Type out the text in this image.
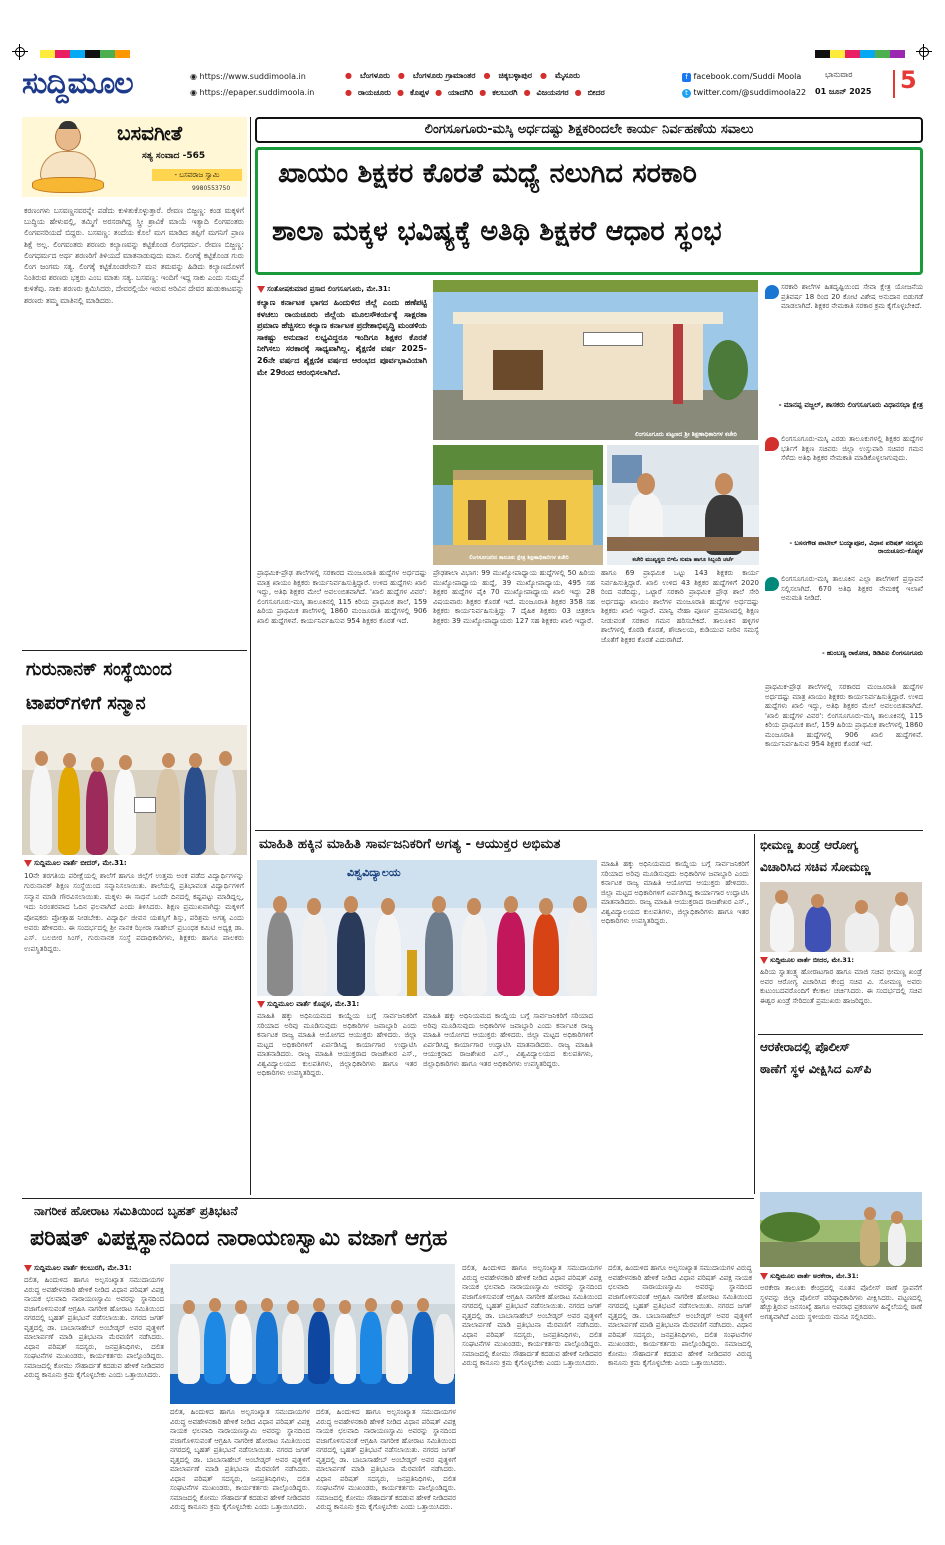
ಸುದ್ದಿಮೂಲ	◉ https://www.suddimoola.in
◉ https://epaper.suddimoola.in
● ಬೆಂಗಳೂರು ● ಬೆಂಗಳೂರು ಗ್ರಾಮಾಂತರ ● ಚಿಕ್ಕಬಳ್ಳಾಪುರ ● ಮೈಸೂರು
● ರಾಯಚೂರು ● ಕೊಪ್ಪಳ ● ಯಾದಗಿರಿ ● ಕಲಬುರಗಿ ● ವಿಜಯನಗರ ● ಬೀದರ
f facebook.com/Suddi Moola
t twitter.com/@suddimoola22
ಭಾನುವಾರ
01 ಜೂನ್ 2025 5
ಬಸವಗೀತೆ
ಸತ್ಯ ಸಂವಾದ -565
- ಬಸವರಾಜ ಸ್ವಾಮಿ
9980553750
ಕರಣಂಗಳು ಬಸವಣ್ಣನವರನ್ನೇ ಪಡೆದು ಕುಳಿತುಕೊಳ್ಳುತ್ತಾರೆ. ರೇವಣ ಬಿಜ್ಜಣ್ಣ: ಕಂಡ ಮಕ್ಕಳಿಗೆ ಬುದ್ಧಿಯ ಹೇಳುವಲ್ಲಿ, ತಮ್ಮಿಗೆ ಅರಸರಾಗಿದ್ದ ಸ್ತ್ರೀ ಶ್ರಾವಿಕೆ ಮಾಯೆ ಇತ್ಯಾದಿ ಲಿಂಗವಂತರು ಲಿಂಗವನರಿಯದೆ ಬಿದ್ದರು. ಬಸವಣ್ಣ: ತಂದೆಯ ಕೊಲೆ ಮಗ ಮಾಡಿದ ತಪ್ಪಿಗೆ ಮಗನಿಗೆ ಪ್ರಾಣ ಶಿಕ್ಷೆ ಅಲ್ಲ. ಲಿಂಗವಂತರು ಶರಣರು ಕಲ್ಯಾಣವನ್ನು ಕಟ್ಟಿಕೊಂಡ ಲಿಂಗಧರ್ಮ. ರೇವಣ ಬಿಜ್ಜಣ್ಣ: ಲಿಂಗಧರ್ಮದ ಅರ್ಥ ಶರಣರಿಗೆ ತಿಳಿಯದೆ ಮಾತನಾಡುವುದು ಮಾನ. ಲಿಂಗಕ್ಕೆ ಕಟ್ಟಿಕೊಂಡ ಗುರು ಲಿಂಗ ಜಂಗಮ ಸತ್ಯ. ಲಿಂಗಕ್ಕೆ ಕಟ್ಟಿಕೊಂಡರೇನು? ಮನ ತಮವನ್ನು ಹಿಡಿದು ಕಲ್ಯಾಣದೊಳಗೆ ನಿಂತಿರುವ ಶರಣರು ಭಕ್ತರು ಎಂಬ ಮಾತು ಸತ್ಯ. ಬಸವಣ್ಣ: ಇಂದಿಗೆ ಇದ್ದ ಸಾಕು ಎಂದು ಸುಮ್ಮನೆ ಕುಳಿತೆವು. ಸಾಕು ಶರಣರು ಕ್ಷಮಿಸಿದರು, ದೇವರಲ್ಲಿಯೇ ಇರುವ ಅರಿವಿನ ದೇವರ ಹುಡುಕಾಟವನ್ನು ಶರಣರು ತಮ್ಮ ಮಾತಿನಲ್ಲಿ ಮಾಡಿದರು.
ಗುರುನಾನಕ್ ಸಂಸ್ಥೆಯಿಂದ
ಟಾಪರ್‌ಗಳಿಗೆ ಸನ್ಮಾನ
ಸುದ್ದಿಮೂಲ ವಾರ್ತೆ ಬೀದರ್, ಮೇ.31:
10ನೇ ತರಗತಿಯ ಪರೀಕ್ಷೆಯಲ್ಲಿ ಶಾಲೆಗೆ ಹಾಗೂ ಜಿಲ್ಲೆಗೆ ಉತ್ತಮ ಅಂಕ ಪಡೆದ ವಿದ್ಯಾರ್ಥಿಗಳನ್ನು ಗುರುನಾನಕ್ ಶಿಕ್ಷಣ ಸಂಸ್ಥೆಯಿಂದ ಸನ್ಮಾನಿಸಲಾಯಿತು. ಶಾಲೆಯಲ್ಲಿ ಪ್ರತಿಭಾವಂತ ವಿದ್ಯಾರ್ಥಿಗಳಿಗೆ ಸನ್ಮಾನ ಮಾಡಿ ಗೌರವಿಸಲಾಯಿತು. ಮಕ್ಕಳು ಈ ಸಾಧನೆ ಒಂದೇ ದಿನದಲ್ಲಿ ಕಷ್ಟಪಟ್ಟು ಮಾಡಿದ್ದಲ್ಲ, ಇದು ನಿರಂತರವಾದ ಓದಿನ ಫಲವಾಗಿದೆ ಎಂದು ತಿಳಿಸಿದರು. ಶಿಕ್ಷಣ ಪ್ರಮುಖವಾಗಿದ್ದು ಮಕ್ಕಳಿಗೆ ಪೋಷಕರು ಪ್ರೋತ್ಸಾಹ ನೀಡಬೇಕು. ವಿದ್ಯಾರ್ಥಿ ಜೀವನ ಯಶಸ್ಸಿಗೆ ಶಿಸ್ತು, ಪರಿಶ್ರಮ ಅಗತ್ಯ ಎಂದು ಅವರು ಹೇಳಿದರು. ಈ ಸಂದರ್ಭದಲ್ಲಿ ಶ್ರೀ ನಾನಕ ಝೀರಾ ಸಾಹೇಬ್ ಪ್ರಬಂಧಕ ಕಮಿಟಿ ಅಧ್ಯಕ್ಷ ಡಾ. ಎಸ್. ಬಲಬೀರ ಸಿಂಗ್, ಗುರುನಾನಕ ಸಂಸ್ಥೆ ಪದಾಧಿಕಾರಿಗಳು, ಶಿಕ್ಷಕರು ಹಾಗೂ ಪಾಲಕರು ಉಪಸ್ಥಿತರಿದ್ದರು.
ಲಿಂಗಸೂಗೂರು-ಮಸ್ಕಿ ಅರ್ಧದಷ್ಟು ಶಿಕ್ಷಕರಿಂದಲೇ ಕಾರ್ಯ ನಿರ್ವಹಣೆಯ ಸವಾಲು
ಖಾಯಂ ಶಿಕ್ಷಕರ ಕೊರತೆ ಮಧ್ಯೆ ನಲುಗಿದ ಸರಕಾರಿ
ಶಾಲಾ ಮಕ್ಕಳ ಭವಿಷ್ಯಕ್ಕೆ ಅತಿಥಿ ಶಿಕ್ಷಕರೆ ಆಧಾರ ಸ್ಥಂಭ
ಸಂತೋಷಕುಮಾರ ಪ್ರಸಾದ ಲಿಂಗಸೂಗೂರು, ಮೇ.31:
ಕಲ್ಯಾಣ ಕರ್ನಾಟಕ ಭಾಗದ ಹಿಂದುಳಿದ ಜಿಲ್ಲೆ ಎಂದು ಹಣೆಪಟ್ಟಿ ಕಳಚಲು ರಾಯಚೂರು ಜಿಲ್ಲೆಯ ಮೂಲಸೌಕರ್ಯಕ್ಕೆ ಸಾಕ್ಷರತಾ ಪ್ರಮಾಣ ಹೆಚ್ಚಿಸಲು ಕಲ್ಯಾಣ ಕರ್ನಾಟಕ ಪ್ರದೇಶಾಭಿವೃದ್ಧಿ ಮಂಡಳಿಯ ಸಾಕಷ್ಟು ಅನುದಾನ ಲಭ್ಯವಿದ್ದರೂ ಇಂದಿಗೂ ಶಿಕ್ಷಕರ ಕೊರತೆ ನೀಗಿಸಲು ಸರಕಾರಕ್ಕೆ ಸಾಧ್ಯವಾಗಿಲ್ಲ. ಶೈಕ್ಷಣಿಕ ವರ್ಷ 2025-26ನೇ ವರ್ಷದ ಶೈಕ್ಷಣಿಕ ವರ್ಷದ ಆರಂಭದ ಪೂರ್ವಭಾವಿಯಾಗಿ ಮೇ 29ರಂದ ಆರಂಭಿಸಲಾಗಿದೆ.
ಲಿಂಗಸೂಗೂರು ಪಟ್ಟಣದ ಶ್ರೀ ಶಿಕ್ಷಣಾಧಿಕಾರಿಗಳ ಕಚೇರಿ
ಸರಕಾರಿ ಶಾಲೆಗಳ ಹಿತದೃಷ್ಟಿಯಿಂದ ಸೇವಾ ಕ್ಷೇತ್ರ ಯೋಜನೆಯ ಪ್ರತಿವರ್ಷ 18 ರಿಂದ 20 ಕೋಟಿ ವಿಶೇಷ ಅನುದಾನ ಬಿಡುಗಡೆ ಮಾಡಲಾಗಿದೆ. ಶಿಕ್ಷಕರ ನೇಮಕಾತಿ ಸರಕಾರ ಕ್ರಮ ಕೈಗೊಳ್ಳಬೇಕಿದೆ.
- ಮಾನಪ್ಪ ವಜ್ಜಲ್, ಶಾಸಕರು ಲಿಂಗಸೂಗೂರು ವಿಧಾನಸಭಾ ಕ್ಷೇತ್ರ
ಲಿಂಗಸೂಗೂರು-ಮಸ್ಕಿ ಎರಡು ತಾಲೂಕುಗಳಲ್ಲಿ ಶಿಕ್ಷಕರ ಹುದ್ದೆಗಳ ಭರ್ತಿಗೆ ಶಿಕ್ಷಣ ಸಚಿವರು ಜಿಲ್ಲಾ ಉಸ್ತುವಾರಿ ಸಚಿವರ ಗಮನ ಸೆಳೆದು ಅತಿಥಿ ಶಿಕ್ಷಕರ ನೇಮಕಾತಿ ಮಾಡಿಕೊಳ್ಳಲಾಗುವುದು.
- ಬಸನಗೌಡ ಪಾಟೀಲ್ ಬಯ್ಯಾಪೂರ, ವಿಧಾನ ಪರಿಷತ್ ಸದಸ್ಯರು ರಾಯಚೂರು-ಕೊಪ್ಪಳ
ಲಿಂಗಸೂಗೂರು-ಮಸ್ಕಿ ತಾಲೂಕಿನ ಎಲ್ಲಾ ಶಾಲೆಗಳಿಗೆ ಪ್ರಸ್ತಾವನೆ ಸಲ್ಲಿಸಲಾಗಿದೆ. 670 ಅತಿಥಿ ಶಿಕ್ಷಕರ ನೇಮಕಕ್ಕೆ ಇಲಾಖೆ ಅನುಮತಿ ನೀಡಿದೆ.
- ಹುಂಬಣ್ಣ ರಾಠೋಡ, ಡಿಡಿಪಿಐ ಲಿಂಗಸೂಗೂರು
ಲಿಂಗಸೂಗೂರಿನ ತಾಲೂಕು ಕ್ಷೇತ್ರ ಶಿಕ್ಷಣಾಧಿಕಾರಿಗಳ ಕಚೇರಿ	ಕಚೇರಿ ಮುಖ್ಯಸ್ಥರು ಬಿಇಓ ಸುಮಾ ಹಾಗೂ ಸಿಬ್ಬಂದಿ ಚರ್ಚೆ
ಪ್ರಾಥಮಿಕ-ಪ್ರೌಢ ಶಾಲೆಗಳಲ್ಲಿ ಸರಕಾರದ ಮಂಜೂರಾತಿ ಹುದ್ದೆಗಳ ಅರ್ಧದಷ್ಟು ಮಾತ್ರ ಖಾಯಂ ಶಿಕ್ಷಕರು ಕಾರ್ಯನಿರ್ವಹಿಸುತ್ತಿದ್ದಾರೆ. ಉಳಿದ ಹುದ್ದೆಗಳು ಖಾಲಿ ಇದ್ದು, ಅತಿಥಿ ಶಿಕ್ಷಕರ ಮೇಲೆ ಅವಲಂಬಿತವಾಗಿದೆ. 'ಖಾಲಿ ಹುದ್ದೆಗಳ ವಿವರ': ಲಿಂಗಸೂಗೂರು-ಮಸ್ಕಿ ತಾಲೂಕಿನಲ್ಲಿ 115 ಕಿರಿಯ ಪ್ರಾಥಮಿಕ ಶಾಲೆ, 159 ಹಿರಿಯ ಪ್ರಾಥಮಿಕ ಶಾಲೆಗಳಲ್ಲಿ 1860 ಮಂಜೂರಾತಿ ಹುದ್ದೆಗಳಲ್ಲಿ 906 ಖಾಲಿ ಹುದ್ದೆಗಳಿವೆ. ಕಾರ್ಯನಿರ್ವಹಿಸುವ 954 ಶಿಕ್ಷಕರ ಕೊರತೆ ಇದೆ.
ಪ್ರೌಢಶಾಲಾ ವಿಭಾಗ: 99 ಮುಖ್ಯೋಪಾಧ್ಯಾಯ ಹುದ್ದೆಗಳಲ್ಲಿ 50 ಹಿರಿಯ ಮುಖ್ಯೋಪಾಧ್ಯಾಯ ಹುದ್ದೆ, 39 ಮುಖ್ಯೋಪಾಧ್ಯಾಯ, 495 ಸಹ ಶಿಕ್ಷಕರ ಹುದ್ದೆಗಳ ಪೈಕಿ 70 ಮುಖ್ಯೋಪಾಧ್ಯಾಯ ಖಾಲಿ ಇದ್ದು 28 ವಿಷಯವಾರು ಶಿಕ್ಷಕರ ಕೊರತೆ ಇದೆ. ಮಂಜೂರಾತಿ ಶಿಕ್ಷಕರ 358 ಸಹ ಶಿಕ್ಷಕರು ಕಾರ್ಯನಿರ್ವಹಿಸುತ್ತಿದ್ದು 7 ದೈಹಿಕ ಶಿಕ್ಷಕರು 03 ಚಿತ್ರಕಲಾ ಶಿಕ್ಷಕರು 39 ಮುಖ್ಯೋಪಾಧ್ಯಾಯರು 127 ಸಹ ಶಿಕ್ಷಕರು ಖಾಲಿ ಇದ್ದಾರೆ.
ಹಾಗೂ 69 ಪ್ರಾಥಮಿಕ ಒಟ್ಟು 143 ಶಿಕ್ಷಕರು ಕಾರ್ಯ ನಿರ್ವಹಿಸುತ್ತಿದ್ದಾರೆ. ಖಾಲಿ ಉಳಿದ 43 ಶಿಕ್ಷಕರ ಹುದ್ದೆಗಳಿಗೆ 2020 ರಿಂದ ನಡೆದಿದ್ದು, ಒಟ್ಟಾರೆ ಸರಕಾರಿ ಪ್ರಾಥಮಿಕ ಪ್ರೌಢ ಶಾಲೆ ಸೇರಿ ಅರ್ಧದಷ್ಟು ಖಾಯಂ ಶಾಲೆಗಳ ಮಂಜೂರಾತಿ ಹುದ್ದೆಗಳ ಅರ್ಧದಷ್ಟು ಶಿಕ್ಷಕರು ಖಾಲಿ ಇದ್ದಾರೆ. ಮಾನ್ವಿ ನೇಹಾ ಪೂರ್ಣ ಪ್ರಮಾಣದಲ್ಲಿ ಶಿಕ್ಷಣ ನೀಡುವಂತೆ ಸರಕಾರ ಗಮನ ಹರಿಸಬೇಕಿದೆ. ತಾಲೂಕಿನ ಹಳ್ಳಿಗಳ ಶಾಲೆಗಳಲ್ಲಿ ಕೊಠಡಿ ಕೊರತೆ, ಶೌಚಾಲಯ, ಕುಡಿಯುವ ನೀರಿನ ಸಮಸ್ಯೆ ಜೊತೆಗೆ ಶಿಕ್ಷಕರ ಕೊರತೆ ಎದುರಾಗಿದೆ.
ಪ್ರಾಥಮಿಕ-ಪ್ರೌಢ ಶಾಲೆಗಳಲ್ಲಿ ಸರಕಾರದ ಮಂಜೂರಾತಿ ಹುದ್ದೆಗಳ ಅರ್ಧದಷ್ಟು ಮಾತ್ರ ಖಾಯಂ ಶಿಕ್ಷಕರು ಕಾರ್ಯನಿರ್ವಹಿಸುತ್ತಿದ್ದಾರೆ. ಉಳಿದ ಹುದ್ದೆಗಳು ಖಾಲಿ ಇದ್ದು, ಅತಿಥಿ ಶಿಕ್ಷಕರ ಮೇಲೆ ಅವಲಂಬಿತವಾಗಿದೆ. 'ಖಾಲಿ ಹುದ್ದೆಗಳ ವಿವರ': ಲಿಂಗಸೂಗೂರು-ಮಸ್ಕಿ ತಾಲೂಕಿನಲ್ಲಿ 115 ಕಿರಿಯ ಪ್ರಾಥಮಿಕ ಶಾಲೆ, 159 ಹಿರಿಯ ಪ್ರಾಥಮಿಕ ಶಾಲೆಗಳಲ್ಲಿ 1860 ಮಂಜೂರಾತಿ ಹುದ್ದೆಗಳಲ್ಲಿ 906 ಖಾಲಿ ಹುದ್ದೆಗಳಿವೆ. ಕಾರ್ಯನಿರ್ವಹಿಸುವ 954 ಶಿಕ್ಷಕರ ಕೊರತೆ ಇದೆ.
ಮಾಹಿತಿ ಹಕ್ಕಿನ ಮಾಹಿತಿ ಸಾರ್ವಜನಿಕರಿಗೆ ಅಗತ್ಯ - ಆಯುಕ್ತರ ಅಭಿಮತ
ವಿಶ್ವವಿದ್ಯಾಲಯ
ಸುದ್ದಿಮೂಲ ವಾರ್ತೆ ಕೊಪ್ಪಳ, ಮೇ.31:
ಮಾಹಿತಿ ಹಕ್ಕು ಅಧಿನಿಯಮದ ಕಾಯ್ದೆಯ ಬಗ್ಗೆ ಸಾರ್ವಜನಿಕರಿಗೆ ಸರಿಯಾದ ಅರಿವು ಮೂಡಿಸುವುದು ಅಧಿಕಾರಿಗಳ ಜವಾಬ್ದಾರಿ ಎಂದು ಕರ್ನಾಟಕ ರಾಜ್ಯ ಮಾಹಿತಿ ಆಯೋಗದ ಆಯುಕ್ತರು ಹೇಳಿದರು. ಜಿಲ್ಲಾ ಮಟ್ಟದ ಅಧಿಕಾರಿಗಳಿಗೆ ಏರ್ಪಡಿಸಿದ್ದ ಕಾರ್ಯಾಗಾರ ಉದ್ಘಾಟಿಸಿ ಮಾತನಾಡಿದರು. ರಾಜ್ಯ ಮಾಹಿತಿ ಆಯುಕ್ತರಾದ ರಾಜಶೇಖರ ಎಸ್., ವಿಶ್ವವಿದ್ಯಾಲಯದ ಕುಲಪತಿಗಳು, ಜಿಲ್ಲಾಧಿಕಾರಿಗಳು ಹಾಗೂ ಇತರ ಅಧಿಕಾರಿಗಳು ಉಪಸ್ಥಿತರಿದ್ದರು.
ಮಾಹಿತಿ ಹಕ್ಕು ಅಧಿನಿಯಮದ ಕಾಯ್ದೆಯ ಬಗ್ಗೆ ಸಾರ್ವಜನಿಕರಿಗೆ ಸರಿಯಾದ ಅರಿವು ಮೂಡಿಸುವುದು ಅಧಿಕಾರಿಗಳ ಜವಾಬ್ದಾರಿ ಎಂದು ಕರ್ನಾಟಕ ರಾಜ್ಯ ಮಾಹಿತಿ ಆಯೋಗದ ಆಯುಕ್ತರು ಹೇಳಿದರು. ಜಿಲ್ಲಾ ಮಟ್ಟದ ಅಧಿಕಾರಿಗಳಿಗೆ ಏರ್ಪಡಿಸಿದ್ದ ಕಾರ್ಯಾಗಾರ ಉದ್ಘಾಟಿಸಿ ಮಾತನಾಡಿದರು. ರಾಜ್ಯ ಮಾಹಿತಿ ಆಯುಕ್ತರಾದ ರಾಜಶೇಖರ ಎಸ್., ವಿಶ್ವವಿದ್ಯಾಲಯದ ಕುಲಪತಿಗಳು, ಜಿಲ್ಲಾಧಿಕಾರಿಗಳು ಹಾಗೂ ಇತರ ಅಧಿಕಾರಿಗಳು ಉಪಸ್ಥಿತರಿದ್ದರು.
ಮಾಹಿತಿ ಹಕ್ಕು ಅಧಿನಿಯಮದ ಕಾಯ್ದೆಯ ಬಗ್ಗೆ ಸಾರ್ವಜನಿಕರಿಗೆ ಸರಿಯಾದ ಅರಿವು ಮೂಡಿಸುವುದು ಅಧಿಕಾರಿಗಳ ಜವಾಬ್ದಾರಿ ಎಂದು ಕರ್ನಾಟಕ ರಾಜ್ಯ ಮಾಹಿತಿ ಆಯೋಗದ ಆಯುಕ್ತರು ಹೇಳಿದರು. ಜಿಲ್ಲಾ ಮಟ್ಟದ ಅಧಿಕಾರಿಗಳಿಗೆ ಏರ್ಪಡಿಸಿದ್ದ ಕಾರ್ಯಾಗಾರ ಉದ್ಘಾಟಿಸಿ ಮಾತನಾಡಿದರು. ರಾಜ್ಯ ಮಾಹಿತಿ ಆಯುಕ್ತರಾದ ರಾಜಶೇಖರ ಎಸ್., ವಿಶ್ವವಿದ್ಯಾಲಯದ ಕುಲಪತಿಗಳು, ಜಿಲ್ಲಾಧಿಕಾರಿಗಳು ಹಾಗೂ ಇತರ ಅಧಿಕಾರಿಗಳು ಉಪಸ್ಥಿತರಿದ್ದರು.
ಭೀಮಣ್ಣ ಖಂಡ್ರೆ ಆರೋಗ್ಯ
ವಿಚಾರಿಸಿದ ಸಚಿವ ಸೋಮಣ್ಣ
ಸುದ್ದಿಮೂಲ ವಾರ್ತೆ ಬೀದರ, ಮೇ.31:
ಹಿರಿಯ ಸ್ವಾತಂತ್ರ್ಯ ಹೋರಾಟಗಾರ ಹಾಗೂ ಮಾಜಿ ಸಚಿವ ಭೀಮಣ್ಣ ಖಂಡ್ರೆ ಅವರ ಆರೋಗ್ಯ ವಿಚಾರಿಸಿದ ಕೇಂದ್ರ ಸಚಿವ ವಿ. ಸೋಮಣ್ಣ ಅವರು ಕುಟುಂಬದವರೊಂದಿಗೆ ಕೆಲಕಾಲ ಚರ್ಚಿಸಿದರು. ಈ ಸಂದರ್ಭದಲ್ಲಿ ಸಚಿವ ಈಶ್ವರ ಖಂಡ್ರೆ ಸೇರಿದಂತೆ ಪ್ರಮುಖರು ಹಾಜರಿದ್ದರು.
ಆರಕೇರಾದಲ್ಲಿ ಪೊಲೀಸ್
ಠಾಣೆಗೆ ಸ್ಥಳ ವೀಕ್ಷಿಸಿದ ಎಸ್‌ಪಿ
ಸುದ್ದಿಮೂಲ ವಾರ್ತೆ ಅರಕೇರಾ, ಮೇ.31:
ಅರಕೇರಾ ತಾಲೂಕು ಕೇಂದ್ರದಲ್ಲಿ ನೂತನ ಪೊಲೀಸ್ ಠಾಣೆ ಸ್ಥಾಪನೆಗೆ ಸ್ಥಳವನ್ನು ಜಿಲ್ಲಾ ಪೊಲೀಸ್ ವರಿಷ್ಠಾಧಿಕಾರಿಗಳು ವೀಕ್ಷಿಸಿದರು. ಪಟ್ಟಣದಲ್ಲಿ ಹೆಚ್ಚುತ್ತಿರುವ ಜನಸಂಖ್ಯೆ ಹಾಗೂ ಅಪರಾಧ ಪ್ರಕರಣಗಳ ಹಿನ್ನೆಲೆಯಲ್ಲಿ ಠಾಣೆ ಅಗತ್ಯವಾಗಿದೆ ಎಂದು ಸ್ಥಳೀಯರು ಮನವಿ ಸಲ್ಲಿಸಿದರು.
ನಾಗರೀಕ ಹೋರಾಟ ಸಮಿತಿಯಿಂದ ಬೃಹತ್ ಪ್ರತಿಭಟನೆ
ಪರಿಷತ್ ವಿಪಕ್ಷಸ್ಥಾನದಿಂದ ನಾರಾಯಣಸ್ವಾಮಿ ವಜಾಗೆ ಆಗ್ರಹ
ಸುದ್ದಿಮೂಲ ವಾರ್ತೆ ಕಲಬುರಗಿ, ಮೇ.31:
ದಲಿತ, ಹಿಂದುಳಿದ ಹಾಗೂ ಅಲ್ಪಸಂಖ್ಯಾತ ಸಮುದಾಯಗಳ ವಿರುದ್ಧ ಅವಹೇಳನಕಾರಿ ಹೇಳಿಕೆ ನೀಡಿದ ವಿಧಾನ ಪರಿಷತ್ ವಿಪಕ್ಷ ನಾಯಕ ಛಲವಾದಿ ನಾರಾಯಣಸ್ವಾಮಿ ಅವರನ್ನು ಸ್ಥಾನದಿಂದ ವಜಾಗೊಳಿಸುವಂತೆ ಆಗ್ರಹಿಸಿ ನಾಗರೀಕ ಹೋರಾಟ ಸಮಿತಿಯಿಂದ ನಗರದಲ್ಲಿ ಬೃಹತ್ ಪ್ರತಿಭಟನೆ ನಡೆಸಲಾಯಿತು. ನಗರದ ಜಗತ್ ವೃತ್ತದಲ್ಲಿ ಡಾ. ಬಾಬಾಸಾಹೇಬ್ ಅಂಬೇಡ್ಕರ್ ಅವರ ಪುತ್ಥಳಿಗೆ ಮಾಲಾರ್ಪಣೆ ಮಾಡಿ ಪ್ರತಿಭಟನಾ ಮೆರವಣಿಗೆ ನಡೆಸಿದರು. ವಿಧಾನ ಪರಿಷತ್ ಸದಸ್ಯರು, ಜನಪ್ರತಿನಿಧಿಗಳು, ದಲಿತ ಸಂಘಟನೆಗಳ ಮುಖಂಡರು, ಕಾರ್ಯಕರ್ತರು ಪಾಲ್ಗೊಂಡಿದ್ದರು. ಸಮಾಜದಲ್ಲಿ ಕೋಮು ಸೌಹಾರ್ದತೆ ಕದಡುವ ಹೇಳಿಕೆ ನೀಡಿದವರ ವಿರುದ್ಧ ಕಾನೂನು ಕ್ರಮ ಕೈಗೊಳ್ಳಬೇಕು ಎಂದು ಒತ್ತಾಯಿಸಿದರು.
ದಲಿತ, ಹಿಂದುಳಿದ ಹಾಗೂ ಅಲ್ಪಸಂಖ್ಯಾತ ಸಮುದಾಯಗಳ ವಿರುದ್ಧ ಅವಹೇಳನಕಾರಿ ಹೇಳಿಕೆ ನೀಡಿದ ವಿಧಾನ ಪರಿಷತ್ ವಿಪಕ್ಷ ನಾಯಕ ಛಲವಾದಿ ನಾರಾಯಣಸ್ವಾಮಿ ಅವರನ್ನು ಸ್ಥಾನದಿಂದ ವಜಾಗೊಳಿಸುವಂತೆ ಆಗ್ರಹಿಸಿ ನಾಗರೀಕ ಹೋರಾಟ ಸಮಿತಿಯಿಂದ ನಗರದಲ್ಲಿ ಬೃಹತ್ ಪ್ರತಿಭಟನೆ ನಡೆಸಲಾಯಿತು. ನಗರದ ಜಗತ್ ವೃತ್ತದಲ್ಲಿ ಡಾ. ಬಾಬಾಸಾಹೇಬ್ ಅಂಬೇಡ್ಕರ್ ಅವರ ಪುತ್ಥಳಿಗೆ ಮಾಲಾರ್ಪಣೆ ಮಾಡಿ ಪ್ರತಿಭಟನಾ ಮೆರವಣಿಗೆ ನಡೆಸಿದರು. ವಿಧಾನ ಪರಿಷತ್ ಸದಸ್ಯರು, ಜನಪ್ರತಿನಿಧಿಗಳು, ದಲಿತ ಸಂಘಟನೆಗಳ ಮುಖಂಡರು, ಕಾರ್ಯಕರ್ತರು ಪಾಲ್ಗೊಂಡಿದ್ದರು. ಸಮಾಜದಲ್ಲಿ ಕೋಮು ಸೌಹಾರ್ದತೆ ಕದಡುವ ಹೇಳಿಕೆ ನೀಡಿದವರ ವಿರುದ್ಧ ಕಾನೂನು ಕ್ರಮ ಕೈಗೊಳ್ಳಬೇಕು ಎಂದು ಒತ್ತಾಯಿಸಿದರು.
ದಲಿತ, ಹಿಂದುಳಿದ ಹಾಗೂ ಅಲ್ಪಸಂಖ್ಯಾತ ಸಮುದಾಯಗಳ ವಿರುದ್ಧ ಅವಹೇಳನಕಾರಿ ಹೇಳಿಕೆ ನೀಡಿದ ವಿಧಾನ ಪರಿಷತ್ ವಿಪಕ್ಷ ನಾಯಕ ಛಲವಾದಿ ನಾರಾಯಣಸ್ವಾಮಿ ಅವರನ್ನು ಸ್ಥಾನದಿಂದ ವಜಾಗೊಳಿಸುವಂತೆ ಆಗ್ರಹಿಸಿ ನಾಗರೀಕ ಹೋರಾಟ ಸಮಿತಿಯಿಂದ ನಗರದಲ್ಲಿ ಬೃಹತ್ ಪ್ರತಿಭಟನೆ ನಡೆಸಲಾಯಿತು. ನಗರದ ಜಗತ್ ವೃತ್ತದಲ್ಲಿ ಡಾ. ಬಾಬಾಸಾಹೇಬ್ ಅಂಬೇಡ್ಕರ್ ಅವರ ಪುತ್ಥಳಿಗೆ ಮಾಲಾರ್ಪಣೆ ಮಾಡಿ ಪ್ರತಿಭಟನಾ ಮೆರವಣಿಗೆ ನಡೆಸಿದರು. ವಿಧಾನ ಪರಿಷತ್ ಸದಸ್ಯರು, ಜನಪ್ರತಿನಿಧಿಗಳು, ದಲಿತ ಸಂಘಟನೆಗಳ ಮುಖಂಡರು, ಕಾರ್ಯಕರ್ತರು ಪಾಲ್ಗೊಂಡಿದ್ದರು. ಸಮಾಜದಲ್ಲಿ ಕೋಮು ಸೌಹಾರ್ದತೆ ಕದಡುವ ಹೇಳಿಕೆ ನೀಡಿದವರ ವಿರುದ್ಧ ಕಾನೂನು ಕ್ರಮ ಕೈಗೊಳ್ಳಬೇಕು ಎಂದು ಒತ್ತಾಯಿಸಿದರು.
ದಲಿತ, ಹಿಂದುಳಿದ ಹಾಗೂ ಅಲ್ಪಸಂಖ್ಯಾತ ಸಮುದಾಯಗಳ ವಿರುದ್ಧ ಅವಹೇಳನಕಾರಿ ಹೇಳಿಕೆ ನೀಡಿದ ವಿಧಾನ ಪರಿಷತ್ ವಿಪಕ್ಷ ನಾಯಕ ಛಲವಾದಿ ನಾರಾಯಣಸ್ವಾಮಿ ಅವರನ್ನು ಸ್ಥಾನದಿಂದ ವಜಾಗೊಳಿಸುವಂತೆ ಆಗ್ರಹಿಸಿ ನಾಗರೀಕ ಹೋರಾಟ ಸಮಿತಿಯಿಂದ ನಗರದಲ್ಲಿ ಬೃಹತ್ ಪ್ರತಿಭಟನೆ ನಡೆಸಲಾಯಿತು. ನಗರದ ಜಗತ್ ವೃತ್ತದಲ್ಲಿ ಡಾ. ಬಾಬಾಸಾಹೇಬ್ ಅಂಬೇಡ್ಕರ್ ಅವರ ಪುತ್ಥಳಿಗೆ ಮಾಲಾರ್ಪಣೆ ಮಾಡಿ ಪ್ರತಿಭಟನಾ ಮೆರವಣಿಗೆ ನಡೆಸಿದರು. ವಿಧಾನ ಪರಿಷತ್ ಸದಸ್ಯರು, ಜನಪ್ರತಿನಿಧಿಗಳು, ದಲಿತ ಸಂಘಟನೆಗಳ ಮುಖಂಡರು, ಕಾರ್ಯಕರ್ತರು ಪಾಲ್ಗೊಂಡಿದ್ದರು. ಸಮಾಜದಲ್ಲಿ ಕೋಮು ಸೌಹಾರ್ದತೆ ಕದಡುವ ಹೇಳಿಕೆ ನೀಡಿದವರ ವಿರುದ್ಧ ಕಾನೂನು ಕ್ರಮ ಕೈಗೊಳ್ಳಬೇಕು ಎಂದು ಒತ್ತಾಯಿಸಿದರು.
ದಲಿತ, ಹಿಂದುಳಿದ ಹಾಗೂ ಅಲ್ಪಸಂಖ್ಯಾತ ಸಮುದಾಯಗಳ ವಿರುದ್ಧ ಅವಹೇಳನಕಾರಿ ಹೇಳಿಕೆ ನೀಡಿದ ವಿಧಾನ ಪರಿಷತ್ ವಿಪಕ್ಷ ನಾಯಕ ಛಲವಾದಿ ನಾರಾಯಣಸ್ವಾಮಿ ಅವರನ್ನು ಸ್ಥಾನದಿಂದ ವಜಾಗೊಳಿಸುವಂತೆ ಆಗ್ರಹಿಸಿ ನಾಗರೀಕ ಹೋರಾಟ ಸಮಿತಿಯಿಂದ ನಗರದಲ್ಲಿ ಬೃಹತ್ ಪ್ರತಿಭಟನೆ ನಡೆಸಲಾಯಿತು. ನಗರದ ಜಗತ್ ವೃತ್ತದಲ್ಲಿ ಡಾ. ಬಾಬಾಸಾಹೇಬ್ ಅಂಬೇಡ್ಕರ್ ಅವರ ಪುತ್ಥಳಿಗೆ ಮಾಲಾರ್ಪಣೆ ಮಾಡಿ ಪ್ರತಿಭಟನಾ ಮೆರವಣಿಗೆ ನಡೆಸಿದರು. ವಿಧಾನ ಪರಿಷತ್ ಸದಸ್ಯರು, ಜನಪ್ರತಿನಿಧಿಗಳು, ದಲಿತ ಸಂಘಟನೆಗಳ ಮುಖಂಡರು, ಕಾರ್ಯಕರ್ತರು ಪಾಲ್ಗೊಂಡಿದ್ದರು. ಸಮಾಜದಲ್ಲಿ ಕೋಮು ಸೌಹಾರ್ದತೆ ಕದಡುವ ಹೇಳಿಕೆ ನೀಡಿದವರ ವಿರುದ್ಧ ಕಾನೂನು ಕ್ರಮ ಕೈಗೊಳ್ಳಬೇಕು ಎಂದು ಒತ್ತಾಯಿಸಿದರು.
